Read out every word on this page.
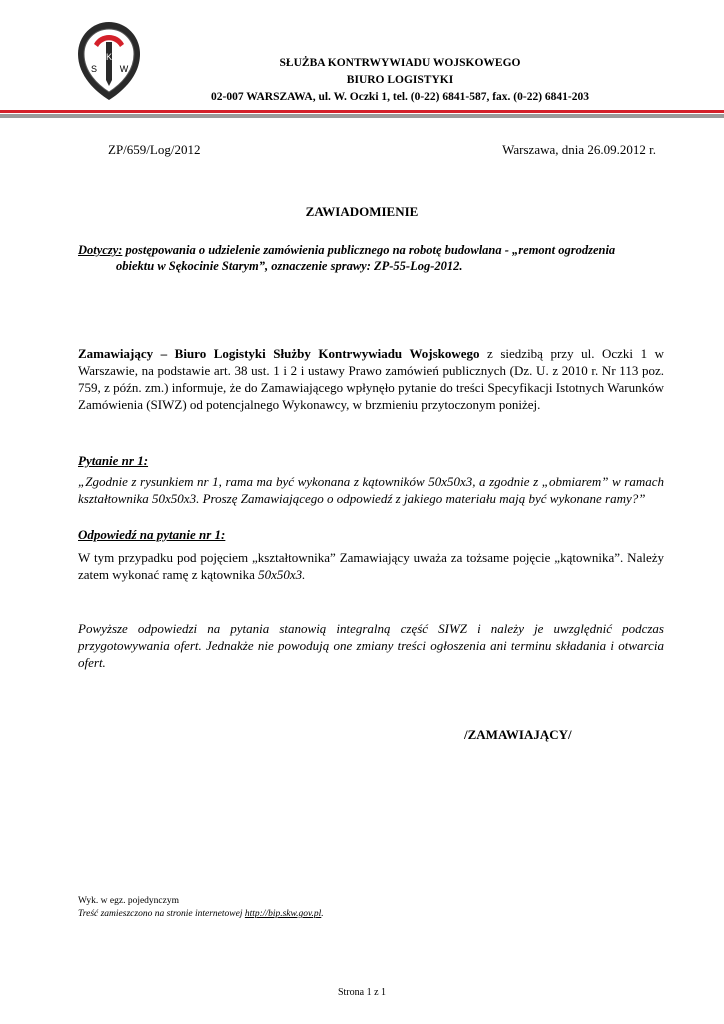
K
S	W	SŁUŻBA KONTRWYWIADU WOJSKOWEGO
BIURO LOGISTYKI
02-007 WARSZAWA, ul. W. Oczki 1, tel. (0-22) 6841-587, fax. (0-22) 6841-203
ZP/659/Log/2012	Warszawa, dnia 26.09.2012 r.
ZAWIADOMIENIE
Dotyczy: postępowania o udzielenie zamówienia publicznego na robotę budowlana - „remont ogrodzenia
obiektu w Sękocinie Starym”, oznaczenie sprawy: ZP-55-Log-2012.
Zamawiający – Biuro Logistyki Służby Kontrwywiadu Wojskowego z siedzibą przy ul. Oczki 1 w Warszawie, na podstawie art. 38 ust. 1 i 2 i ustawy Prawo zamówień publicznych (Dz. U. z 2010 r. Nr 113 poz. 759, z późn. zm.) informuje, że do Zamawiającego wpłynęło pytanie do treści Specyfikacji Istotnych Warunków Zamówienia (SIWZ) od potencjalnego Wykonawcy, w brzmieniu przytoczonym poniżej.
Pytanie nr 1:
„Zgodnie z rysunkiem nr 1, rama ma być wykonana z kątowników 50x50x3, a zgodnie z „obmiarem” w ramach kształtownika 50x50x3. Proszę Zamawiającego o odpowiedź z jakiego materiału mają być wykonane ramy?”
Odpowiedź na pytanie nr 1:
W tym przypadku pod pojęciem „kształtownika” Zamawiający uważa za tożsame pojęcie „kątownika”. Należy zatem wykonać ramę z kątownika 50x50x3.
Powyższe odpowiedzi na pytania stanowią integralną część SIWZ i należy je uwzględnić podczas przygotowywania ofert. Jednakże nie powodują one zmiany treści ogłoszenia ani terminu składania i otwarcia ofert.
/ZAMAWIAJĄCY/
Wyk. w egz. pojedynczym
Treść zamieszczono na stronie internetowej http://bip.skw.gov.pl.
Strona 1 z 1
